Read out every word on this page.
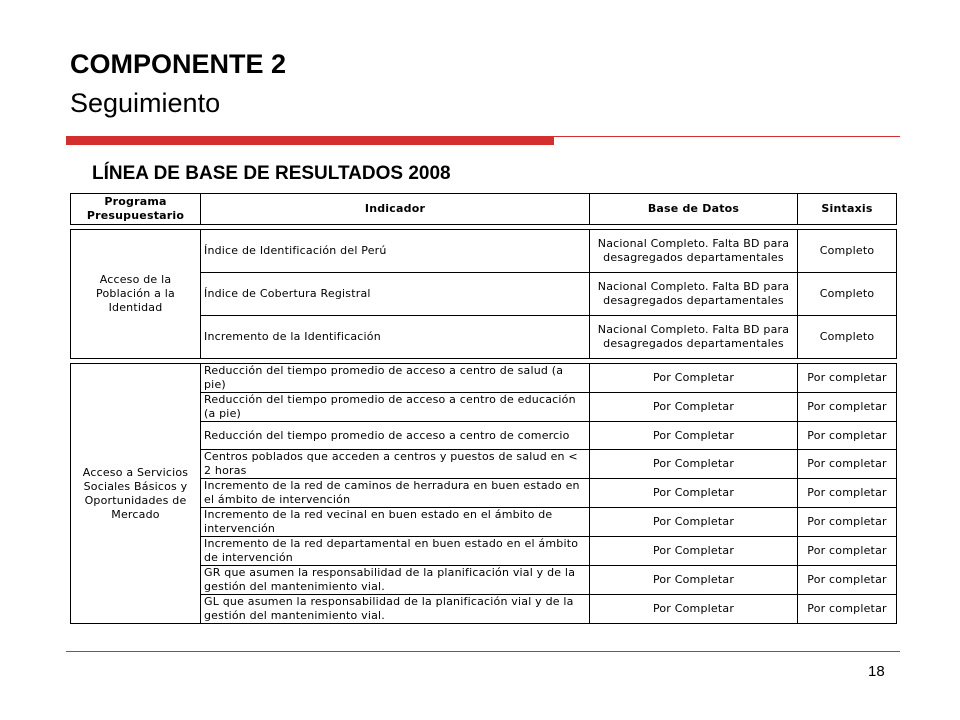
COMPONENTE 2
Seguimiento
LÍNEA DE BASE DE RESULTADOS 2008
Programa Presupuestario	Indicador	Base de Datos	Sintaxis

Acceso de la Población a la Identidad	Índice de Identificación del Perú	Nacional Completo. Falta BD para desagregados departamentales	Completo
	Índice de Cobertura Registral	Nacional Completo. Falta BD para desagregados departamentales	Completo
	Incremento de la Identificación	Nacional Completo. Falta BD para desagregados departamentales	Completo

Acceso a Servicios Sociales Básicos y Oportunidades de Mercado	Reducción del tiempo promedio de acceso a centro de salud (a pie)	Por Completar	Por completar
	Reducción del tiempo promedio de acceso a centro de educación (a pie)	Por Completar	Por completar
	Reducción del tiempo promedio de acceso a centro de comercio	Por Completar	Por completar
	Centros poblados que acceden a centros y puestos de salud en < 2 horas	Por Completar	Por completar
	Incremento de la red de caminos de herradura en buen estado en el ámbito de intervención	Por Completar	Por completar
	Incremento de la red vecinal en buen estado en el ámbito de intervención	Por Completar	Por completar
	Incremento de la red departamental en buen estado en el ámbito de intervención	Por Completar	Por completar
	GR que asumen la responsabilidad de la planificación vial y de la gestión del mantenimiento vial.	Por Completar	Por completar
	GL que asumen la responsabilidad de la planificación vial y de la gestión del mantenimiento vial.	Por Completar	Por completar
18
